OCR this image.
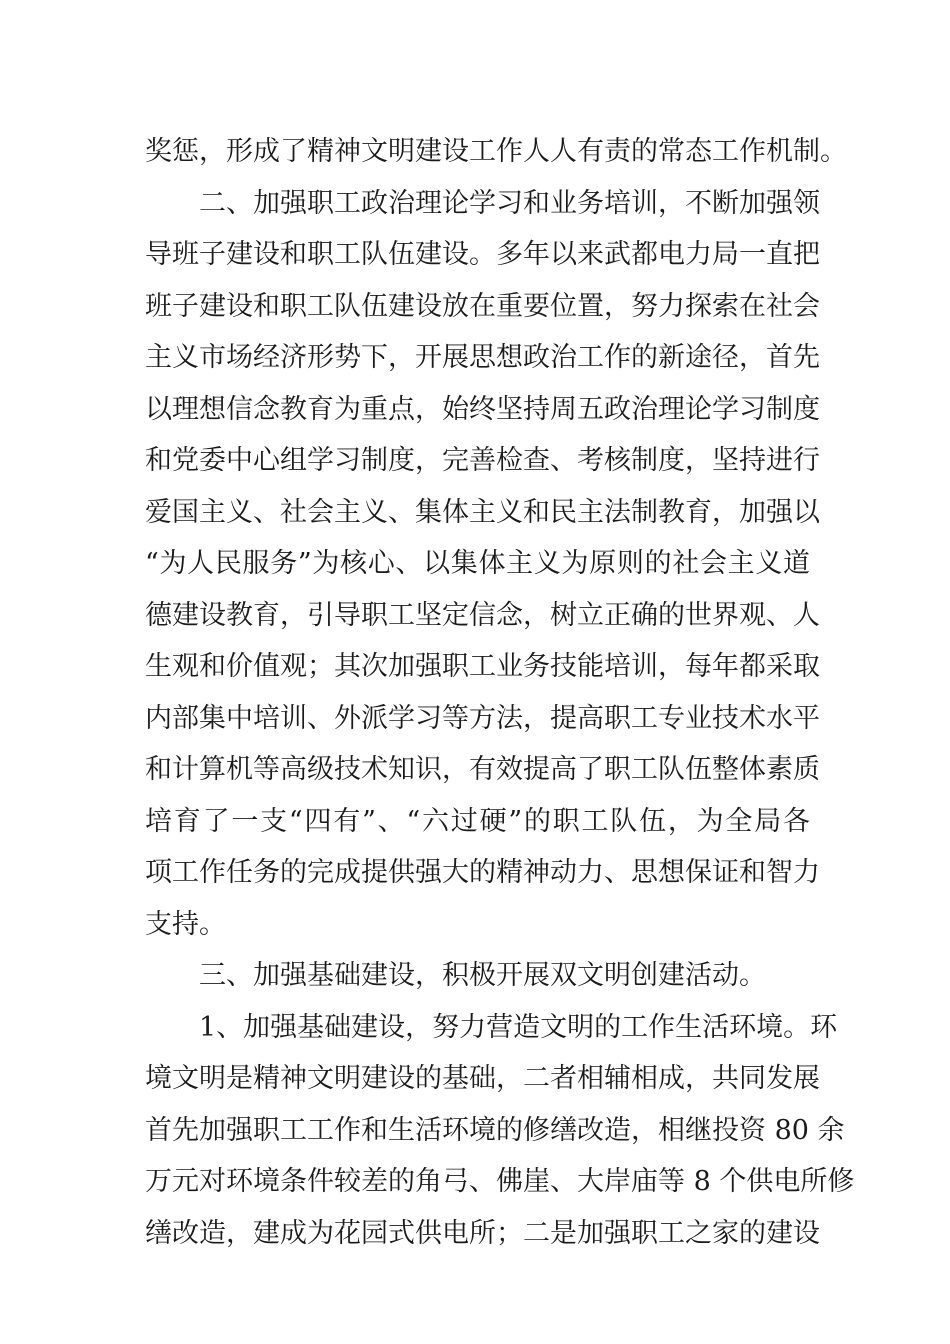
奖惩，形成了精神文明建设工作人人有责的常态工作机制。
二、加强职工政治理论学习和业务培训，不断加强领
导班子建设和职工队伍建设。多年以来武都电力局一直把
班子建设和职工队伍建设放在重要位置，努力探索在社会
主义市场经济形势下，开展思想政治工作的新途径，首先
以理想信念教育为重点，始终坚持周五政治理论学习制度
和党委中心组学习制度，完善检查、考核制度，坚持进行
爱国主义、社会主义、集体主义和民主法制教育，加强以
“为人民服务”为核心、以集体主义为原则的社会主义道
德建设教育，引导职工坚定信念，树立正确的世界观、人
生观和价值观；其次加强职工业务技能培训，每年都采取
内部集中培训、外派学习等方法，提高职工专业技术水平
和计算机等高级技术知识，有效提高了职工队伍整体素质
培育了一支“四有”、“六过硬”的职工队伍，为全局各
项工作任务的完成提供强大的精神动力、思想保证和智力
支持。
三、加强基础建设，积极开展双文明创建活动。
1、加强基础建设，努力营造文明的工作生活环境。环
境文明是精神文明建设的基础，二者相辅相成，共同发展
首先加强职工工作和生活环境的修缮改造，相继投资 80 余
万元对环境条件较差的角弓、佛崖、大岸庙等 8 个供电所修
缮改造，建成为花园式供电所；二是加强职工之家的建设
